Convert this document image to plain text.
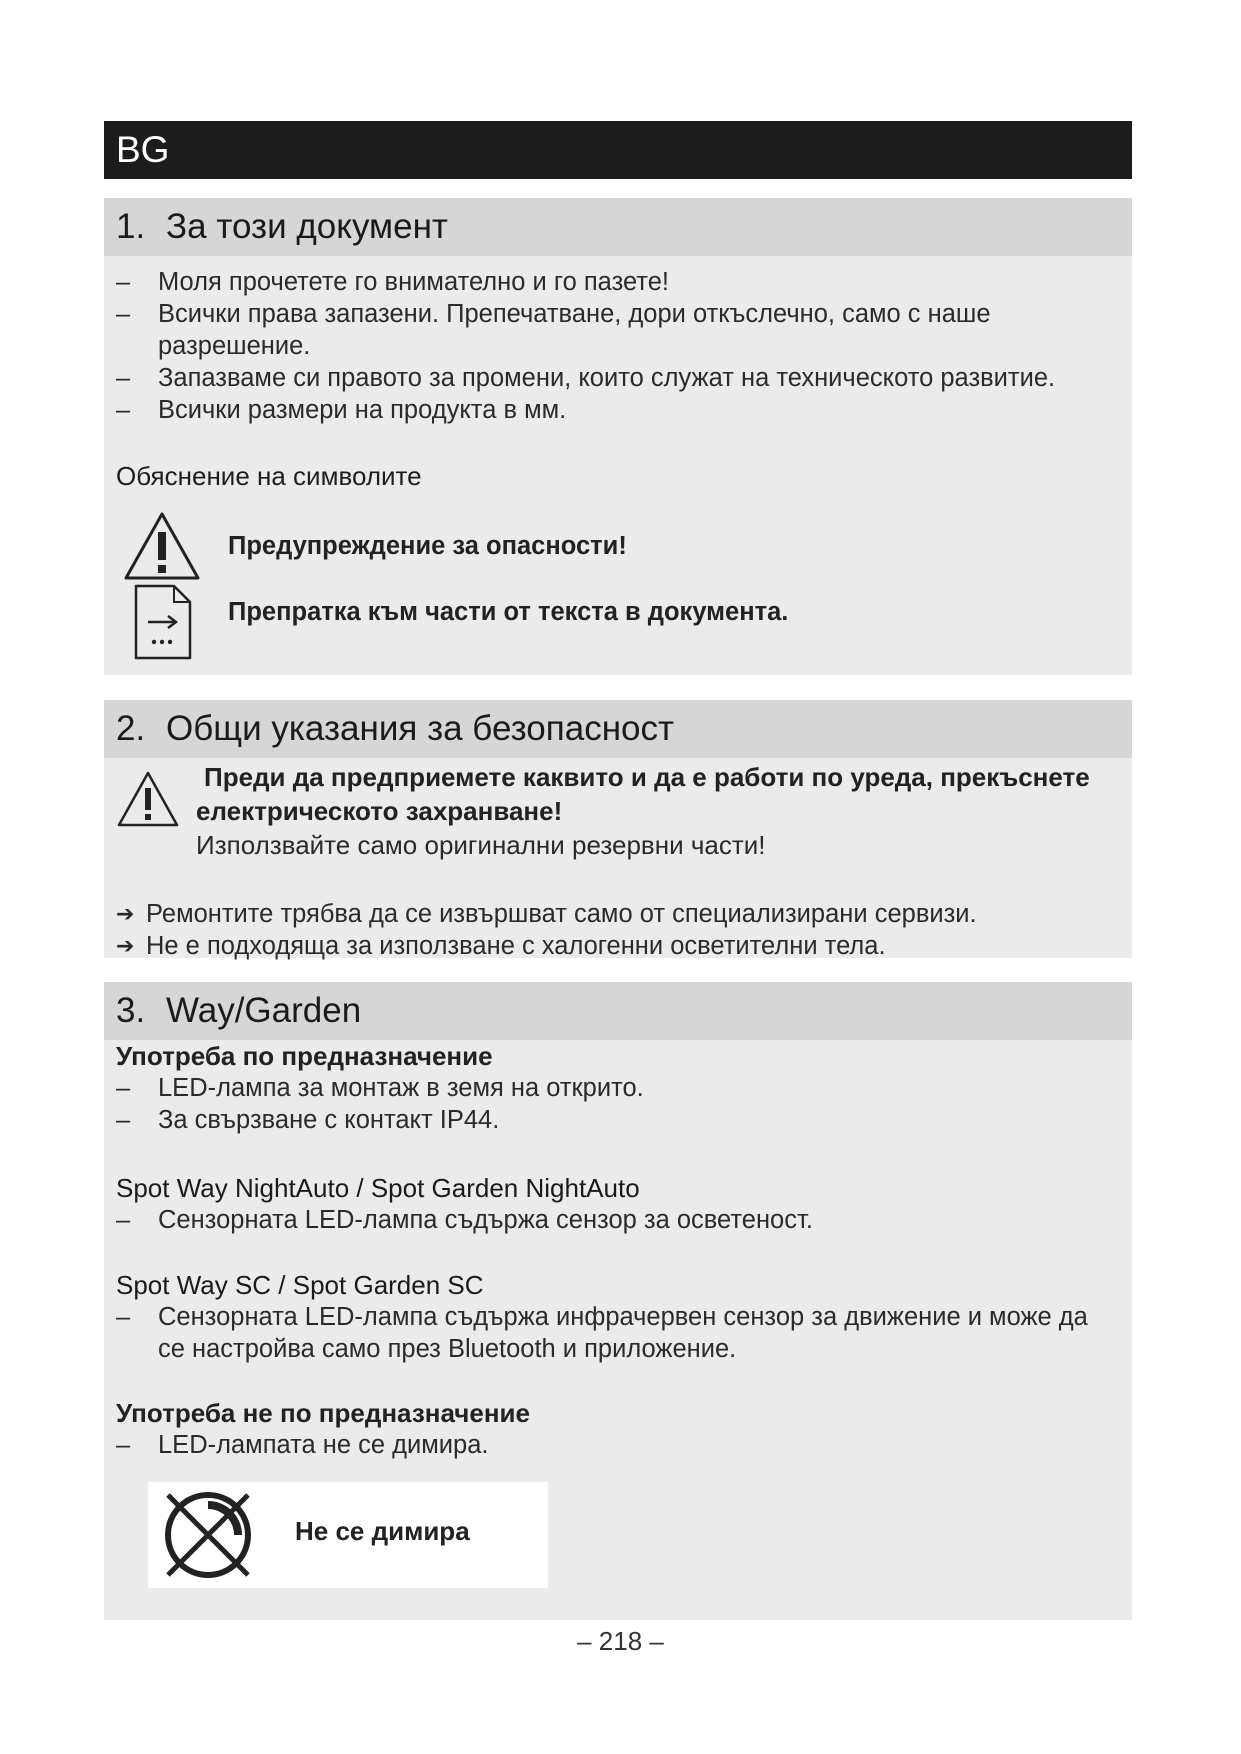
BG
1. За този документ
– Моля прочетете го внимателно и го пазете!
– Всички права запазени. Препечатване, дори откъслечно, само с наше разрешение.
– Запазваме си правото за промени, които служат на техническото развитие.
– Всички размери на продукта в мм.
Обяснение на символите
Предупреждение за опасности!
Препратка към части от текста в документа.
2. Общи указания за безопасност
Преди да предприемете каквито и да е работи по уреда, прекъснете електрическото захранване!
Използвайте само оригинални резервни части!
➔ Ремонтите трябва да се извършват само от специализирани сервизи.
➔ Не е подходяща за използване с халогенни осветителни тела.
3. Way/Garden
Употреба по предназначение
– LED-лампа за монтаж в земя на открито.
– За свързване с контакт IP44.
Spot Way NightAuto / Spot Garden NightAuto
– Сензорната LED-лампа съдържа сензор за осветеност.
Spot Way SC / Spot Garden SC
– Сензорната LED-лампа съдържа инфрачервен сензор за движение и може да се настройва само през Bluetooth и приложение.
Употреба не по предназначение
– LED-лампата не се димира.
Не се димира
– 218 –
